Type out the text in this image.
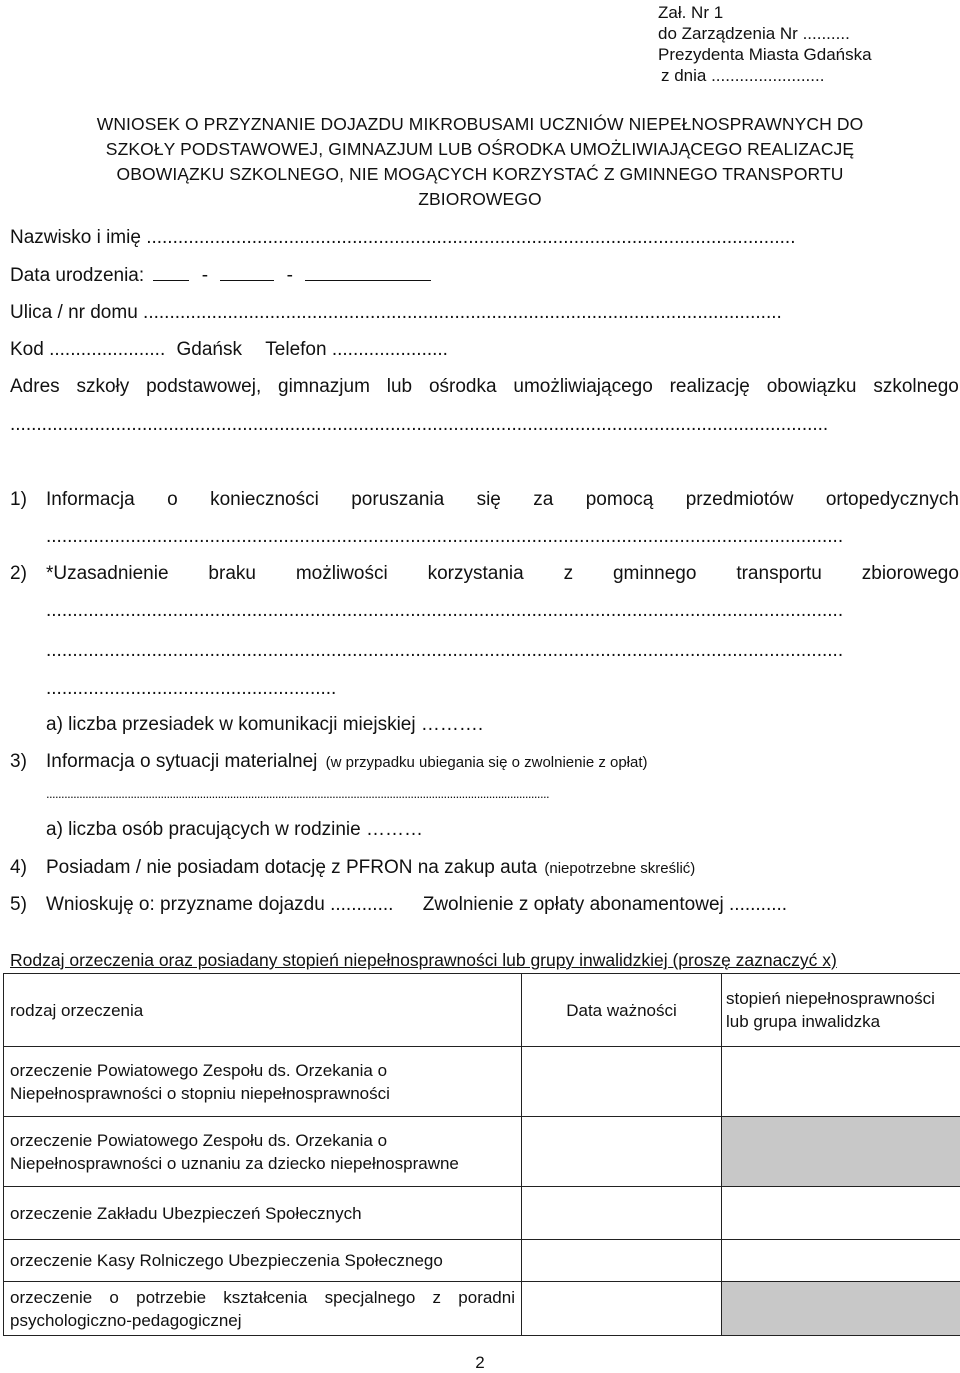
Zał. Nr 1
do Zarządzenia Nr ..........
Prezydenta Miasta Gdańska
z dnia ........................
WNIOSEK O PRZYZNANIE DOJAZDU MIKROBUSAMI UCZNIÓW NIEPEŁNOSPRAWNYCH DO
SZKOŁY PODSTAWOWEJ, GIMNAZJUM LUB OŚRODKA UMOŻLIWIAJĄCEGO REALIZACJĘ
OBOWIĄZKU SZKOLNEGO, NIE MOGĄCYCH KORZYSTAĆ Z GMINNEGO TRANSPORTU
ZBIOROWEGO
Nazwisko i imię ...........................................................................................................................
Data urodzenia:	-	-
Ulica / nr domu .........................................................................................................................
Kod ...................... Gdańsk Telefon ......................
Adres szkoły podstawowej, gimnazjum lub ośrodka umożliwiającego realizację obowiązku szkolnego
...........................................................................................................................................................
1) Informacja o konieczności poruszania się za pomocą przedmiotów ortopedycznych
.......................................................................................................................................................
2) *Uzasadnienie braku możliwości korzystania z gminnego transportu zbiorowego
.......................................................................................................................................................
.......................................................................................................................................................
.......................................................
a) liczba przesiadek w komunikacji miejskiej ……….
3) Informacja o sytuacji materialnej (w przypadku ubiegania się o zwolnienie z opłat)
.......................................................................................................................................................................
a) liczba osób pracujących w rodzinie ………
4) Posiadam / nie posiadam dotację z PFRON na zakup auta (niepotrzebne skreślić)
5) Wnioskuję o: przyzname dojazdu ............ Zwolnienie z opłaty abonamentowej ...........
Rodzaj orzeczenia oraz posiadany stopień niepełnosprawności lub grupy inwalidzkiej (proszę zaznaczyć x)
rodzaj orzeczenia	Data ważności	stopień niepełnosprawności lub grupa inwalidzka
orzeczenie Powiatowego Zespołu ds. Orzekania o Niepełnosprawności o stopniu niepełnosprawności		
orzeczenie Powiatowego Zespołu ds. Orzekania o Niepełnosprawności o uznaniu za dziecko niepełnosprawne		
orzeczenie Zakładu Ubezpieczeń Społecznych		
orzeczenie Kasy Rolniczego Ubezpieczenia Społecznego		
orzeczenie o potrzebie kształcenia specjalnego z poradni psychologiczno-pedagogicznej		
2
